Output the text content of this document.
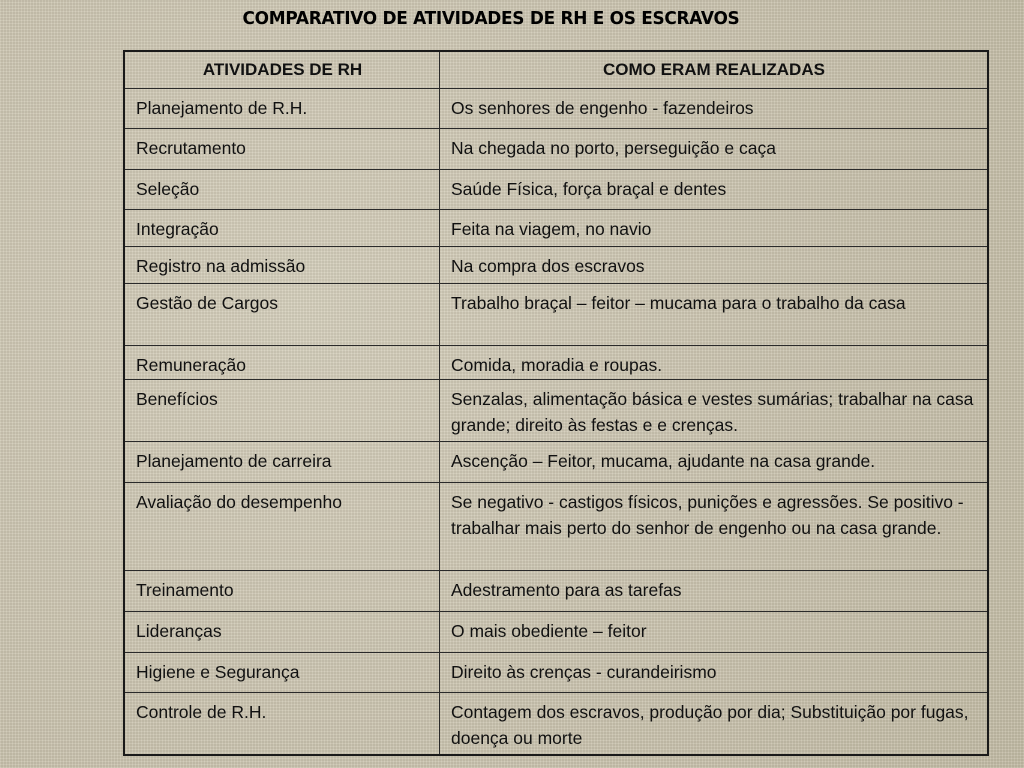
COMPARATIVO DE ATIVIDADES DE RH E OS ESCRAVOS
ATIVIDADES DE RH	COMO ERAM REALIZADAS
Planejamento de R.H.	Os senhores de engenho - fazendeiros
Recrutamento	Na chegada no porto, perseguição e caça
Seleção	Saúde Física, força braçal e dentes
Integração	Feita na viagem, no navio
Registro na admissão	Na compra dos escravos
Gestão de Cargos	Trabalho braçal – feitor – mucama para o trabalho da casa
Remuneração	Comida, moradia e roupas.
Benefícios	Senzalas, alimentação básica e vestes sumárias; trabalhar na casa grande; direito às festas e e crenças.
Planejamento de carreira	Ascenção – Feitor, mucama, ajudante na casa grande.
Avaliação do desempenho	Se negativo - castigos físicos, punições e agressões. Se positivo - trabalhar mais perto do senhor de engenho ou na casa grande.
Treinamento	Adestramento para as tarefas
Lideranças	O mais obediente – feitor
Higiene e Segurança	Direito às crenças - curandeirismo
Controle de R.H.	Contagem dos escravos, produção por dia; Substituição por fugas, doença ou morte
